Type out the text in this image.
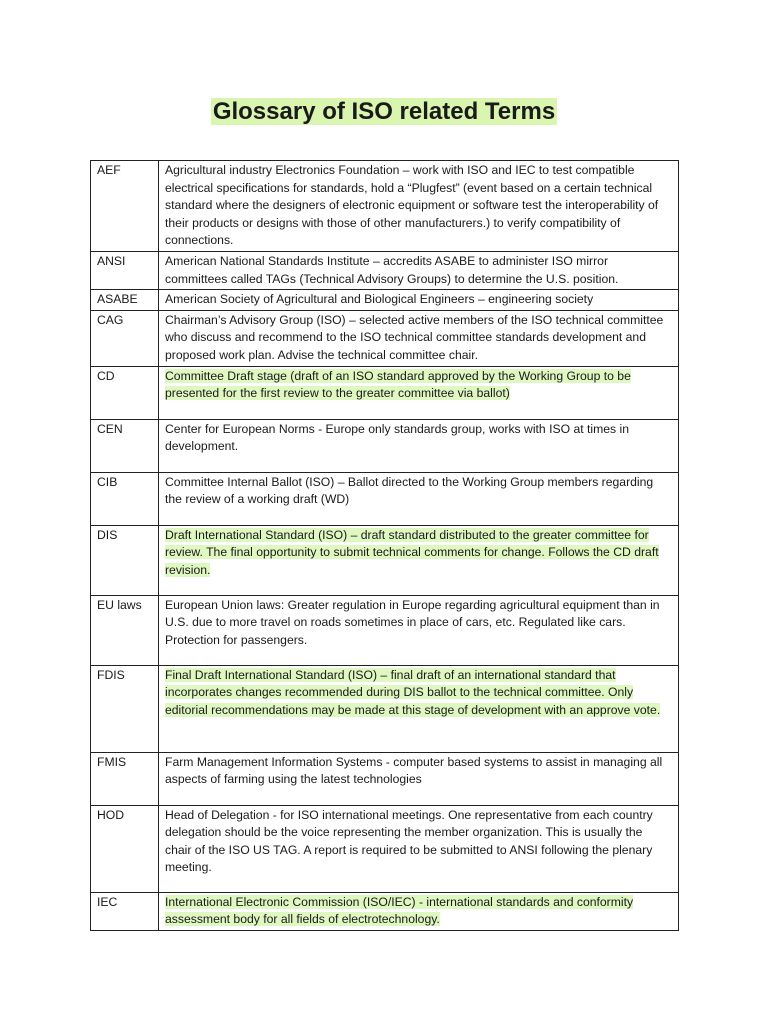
Glossary of ISO related Terms
AEF	Agricultural industry Electronics Foundation – work with ISO and IEC to test compatible electrical specifications for standards, hold a “Plugfest” (event based on a certain technical standard where the designers of electronic equipment or software test the interoperability of their products or designs with those of other manufacturers.) to verify compatibility of connections.
ANSI	American National Standards Institute – accredits ASABE to administer ISO mirror committees called TAGs (Technical Advisory Groups) to determine the U.S. position.
ASABE	American Society of Agricultural and Biological Engineers – engineering society
CAG	Chairman’s Advisory Group (ISO) – selected active members of the ISO technical committee who discuss and recommend to the ISO technical committee standards development and proposed work plan. Advise the technical committee chair.
CD	Committee Draft stage (draft of an ISO standard approved by the Working Group to be presented for the first review to the greater committee via ballot)
CEN	Center for European Norms - Europe only standards group, works with ISO at times in development.
CIB	Committee Internal Ballot (ISO) – Ballot directed to the Working Group members regarding the review of a working draft (WD)
DIS	Draft International Standard (ISO) – draft standard distributed to the greater committee for review. The final opportunity to submit technical comments for change. Follows the CD draft revision.
EU laws	European Union laws: Greater regulation in Europe regarding agricultural equipment than in U.S. due to more travel on roads sometimes in place of cars, etc. Regulated like cars. Protection for passengers.
FDIS	Final Draft International Standard (ISO) – final draft of an international standard that incorporates changes recommended during DIS ballot to the technical committee. Only editorial recommendations may be made at this stage of development with an approve vote.
FMIS	Farm Management Information Systems - computer based systems to assist in managing all aspects of farming using the latest technologies
HOD	Head of Delegation - for ISO international meetings. One representative from each country delegation should be the voice representing the member organization. This is usually the chair of the ISO US TAG. A report is required to be submitted to ANSI following the plenary meeting.
IEC	International Electronic Commission (ISO/IEC) - international standards and conformity assessment body for all fields of electrotechnology.
